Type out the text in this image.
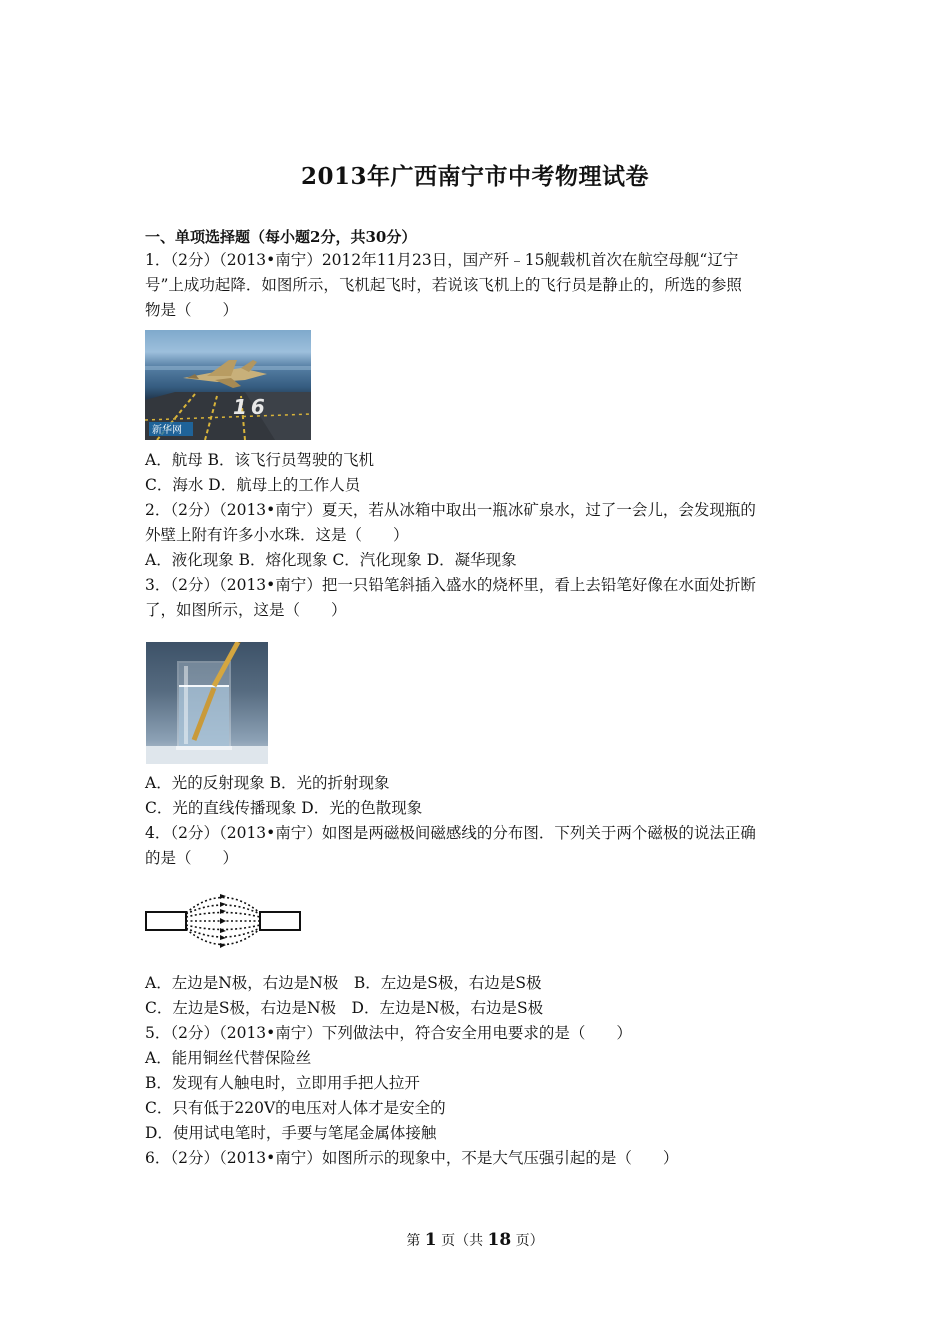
2013年广西南宁市中考物理试卷
一、单项选择题（每小题2分，共30分）
1．（2分）（2013•南宁）2012年11月23日，国产歼﹣15舰载机首次在航空母舰“辽宁
号”上成功起降．如图所示，飞机起飞时，若说该飞机上的飞行员是静止的，所选的参照
物是（　　）
16
新华网
A．航母 B．该飞行员驾驶的飞机
C．海水 D．航母上的工作人员
2．（2分）（2013•南宁）夏天，若从冰箱中取出一瓶冰矿泉水，过了一会儿，会发现瓶的
外壁上附有许多小水珠．这是（　　）
A．液化现象 B．熔化现象 C．汽化现象 D．凝华现象
3．（2分）（2013•南宁）把一只铅笔斜插入盛水的烧杯里，看上去铅笔好像在水面处折断
了，如图所示，这是（　　）
A．光的反射现象 B．光的折射现象
C．光的直线传播现象 D．光的色散现象
4．（2分）（2013•南宁）如图是两磁极间磁感线的分布图．下列关于两个磁极的说法正确
的是（　　）
A．左边是N极，右边是N极　B．左边是S极，右边是S极
C．左边是S极，右边是N极　D．左边是N极，右边是S极
5．（2分）（2013•南宁）下列做法中，符合安全用电要求的是（　　）
A．能用铜丝代替保险丝
B．发现有人触电时，立即用手把人拉开
C．只有低于220V的电压对人体才是安全的
D．使用试电笔时，手要与笔尾金属体接触
6．（2分）（2013•南宁）如图所示的现象中，不是大气压强引起的是（　　）
第 1 页（共 18 页）
